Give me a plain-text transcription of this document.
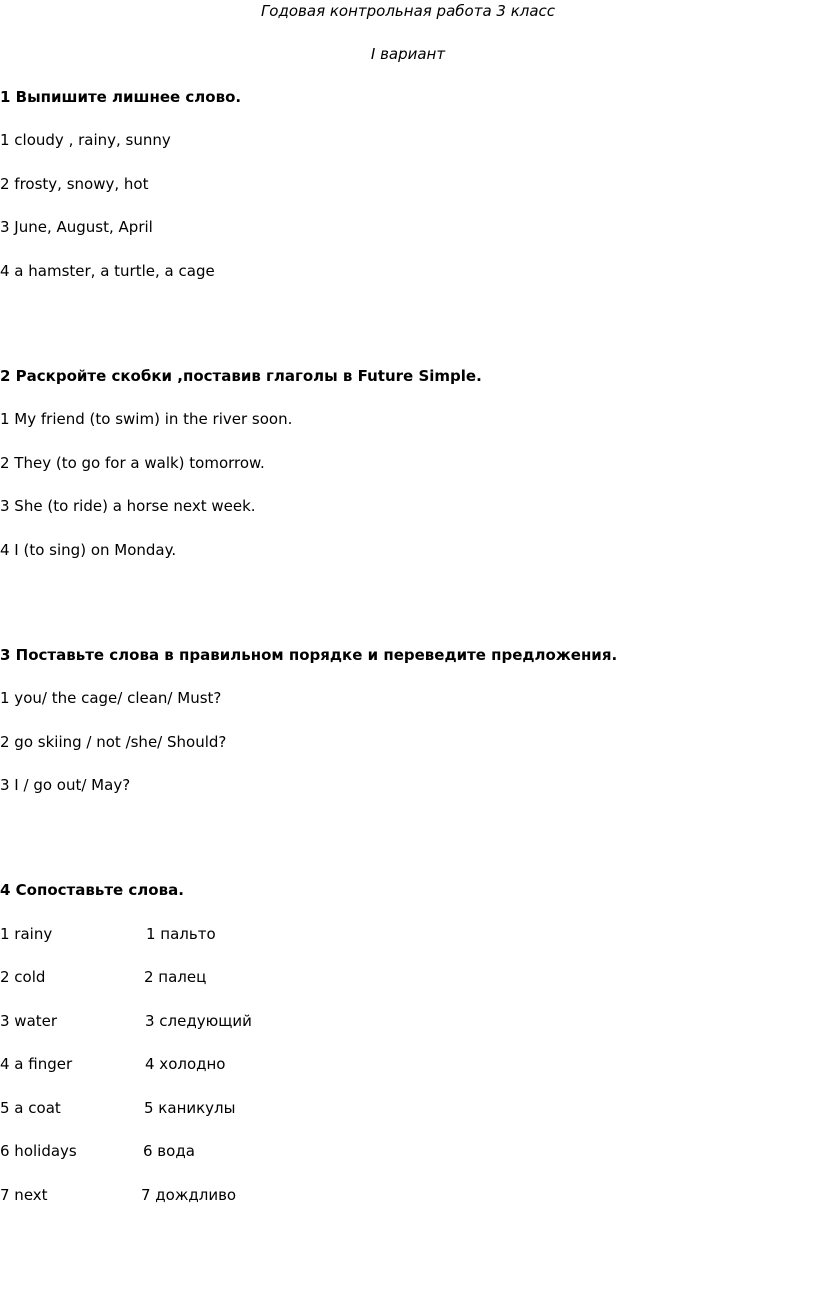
Годовая контрольная работа 3 класс

I вариант

1 Выпишите лишнее слово.

1 cloudy , rainy, sunny

2 frosty, snowy, hot

3 June, August, April

4 a hamster, a turtle, a cage

2 Раскройте скобки ,поставив глаголы в Future Simple.

1 My friend (to swim) in the river soon.

2 They (to go for a walk) tomorrow.

3 She (to ride) a horse next week.

4 I (to sing) on Monday.

3 Поставьте слова в правильном порядке и переведите предложения.

1 you/ the cage/ clean/ Must?

2 go skiing / not /she/ Should?

3 I / go out/ May?

4 Сопоставьте слова.

1 rainy	1 пальто
2 cold	2 палец
3 water	3 следующий
4 a finger	4 холодно
5 a coat	5 каникулы
6 holidays	6 вода
7 next	7 дождливо
